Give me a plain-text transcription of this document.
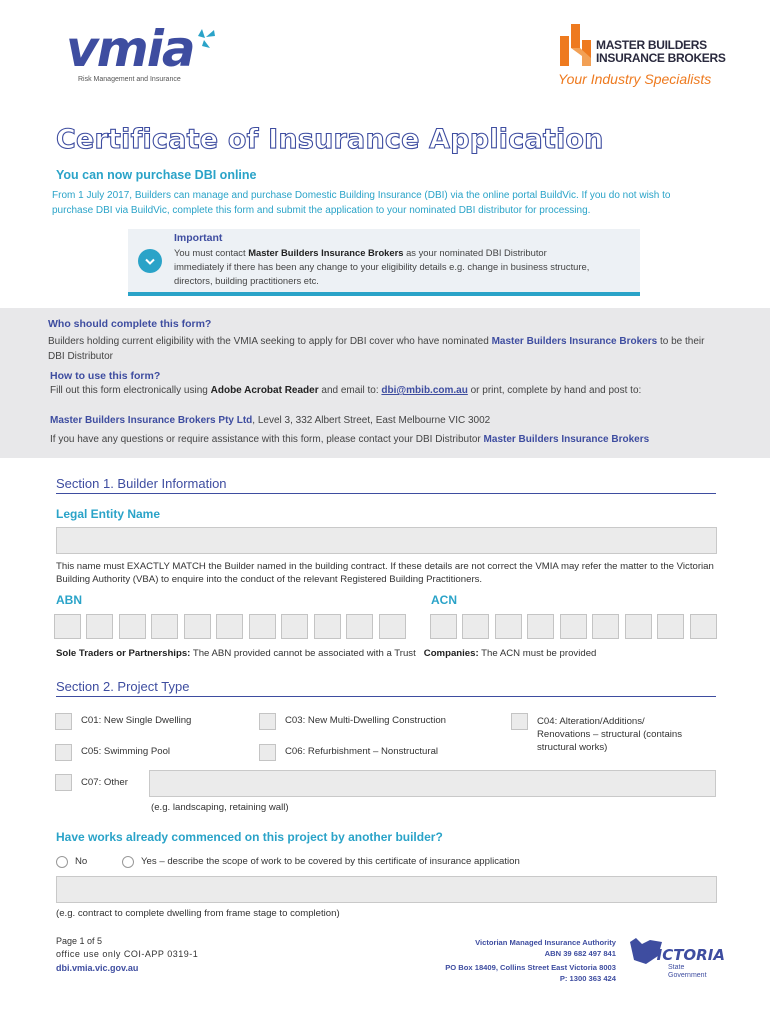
vmia
Risk Management and Insurance
MASTER BUILDERS
INSURANCE BROKERS
Your Industry Specialists
Certificate of Insurance Application
You can now purchase DBI online
From 1 July 2017, Builders can manage and purchase Domestic Building Insurance (DBI) via the online portal BuildVic. If you do not wish to purchase DBI via BuildVic, complete this form and submit the application to your nominated DBI distributor for processing.
Important
You must contact Master Builders Insurance Brokers as your nominated DBI Distributor immediately if there has been any change to your eligibility details e.g. change in business structure, directors, building practitioners etc.
Who should complete this form?
Builders holding current eligibility with the VMIA seeking to apply for DBI cover who have nominated Master Builders Insurance Brokers to be their DBI Distributor
How to use this form?
Fill out this form electronically using Adobe Acrobat Reader and email to: dbi@mbib.com.au or print, complete by hand and post to:
Master Builders Insurance Brokers Pty Ltd, Level 3, 332 Albert Street, East Melbourne VIC 3002
If you have any questions or require assistance with this form, please contact your DBI Distributor Master Builders Insurance Brokers
Section 1. Builder Information
Legal Entity Name
This name must EXACTLY MATCH the Builder named in the building contract. If these details are not correct the VMIA may refer the matter to the Victorian Building Authority (VBA) to enquire into the conduct of the relevant Registered Building Practitioners.
ABN	ACN
Sole Traders or Partnerships: The ABN provided cannot be associated with a Trust Companies: The ACN must be provided
Section 2. Project Type
C01: New Single Dwelling	C03: New Multi-Dwelling Construction	C04: Alteration/Additions/ Renovations – structural (contains structural works)
C05: Swimming Pool	C06: Refurbishment – Nonstructural
C07: Other
(e.g. landscaping, retaining wall)
Have works already commenced on this project by another builder?
No	Yes – describe the scope of work to be covered by this certificate of insurance application
(e.g. contract to complete dwelling from frame stage to completion)
Page 1 of 5
office use only COI-APP 0319-1
dbi.vmia.vic.gov.au
Victorian Managed Insurance Authority
ABN 39 682 497 841
PO Box 18409, Collins Street East Victoria 8003
P: 1300 363 424
VICTORIA
State
Government
